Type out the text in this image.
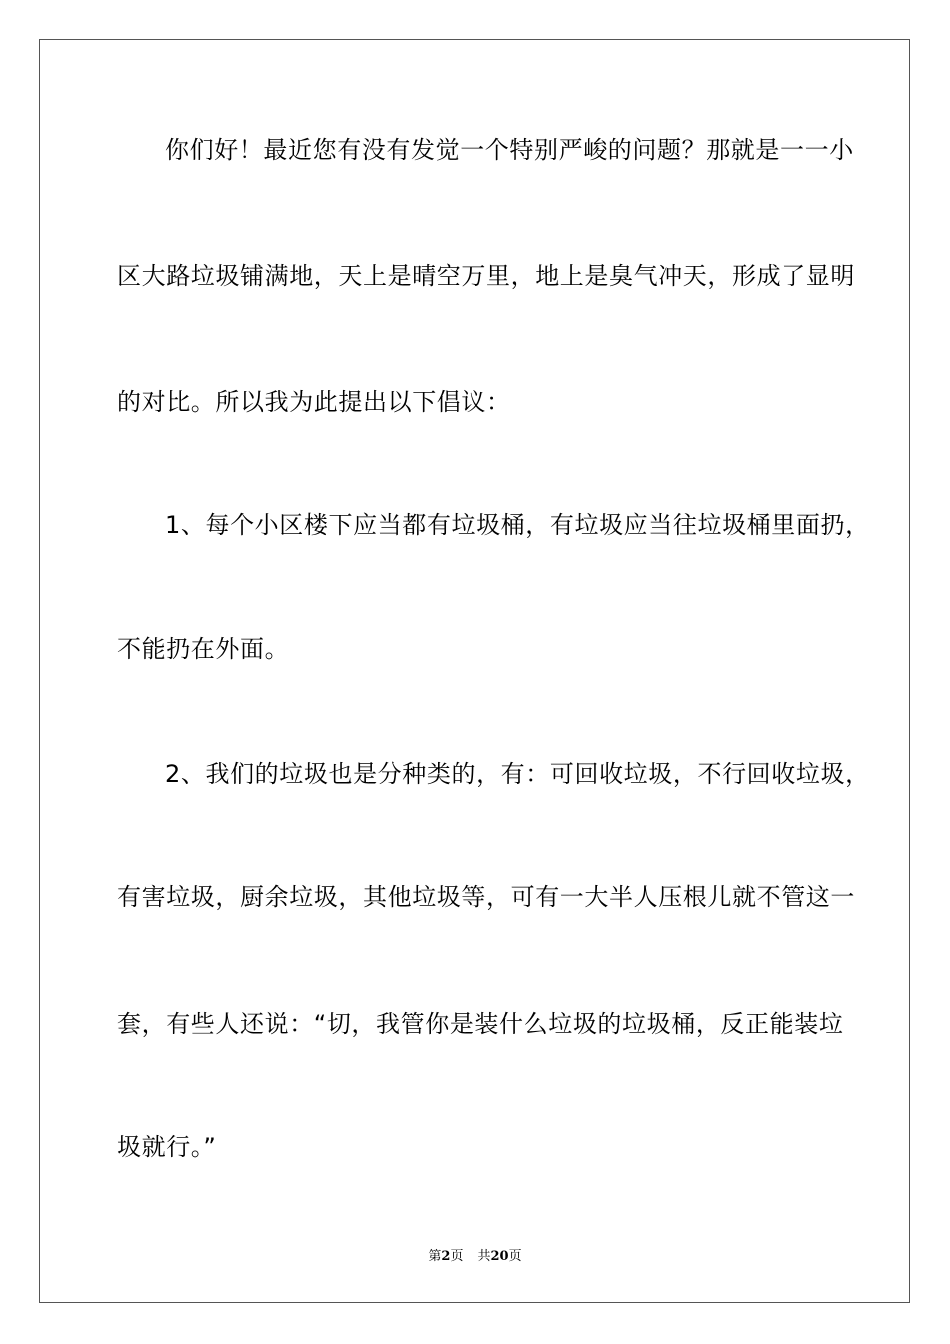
你们好！最近您有没有发觉一个特别严峻的问题？那就是一一小
区大路垃圾铺满地，天上是晴空万里，地上是臭气冲天，形成了显明
的对比。所以我为此提出以下倡议：
1、每个小区楼下应当都有垃圾桶，有垃圾应当往垃圾桶里面扔，
不能扔在外面。
2、我们的垃圾也是分种类的，有：可回收垃圾，不行回收垃圾，
有害垃圾，厨余垃圾，其他垃圾等，可有一大半人压根儿就不管这一
套，有些人还说：“切，我管你是装什么垃圾的垃圾桶，反正能装垃
圾就行。”
第2页 共20页
